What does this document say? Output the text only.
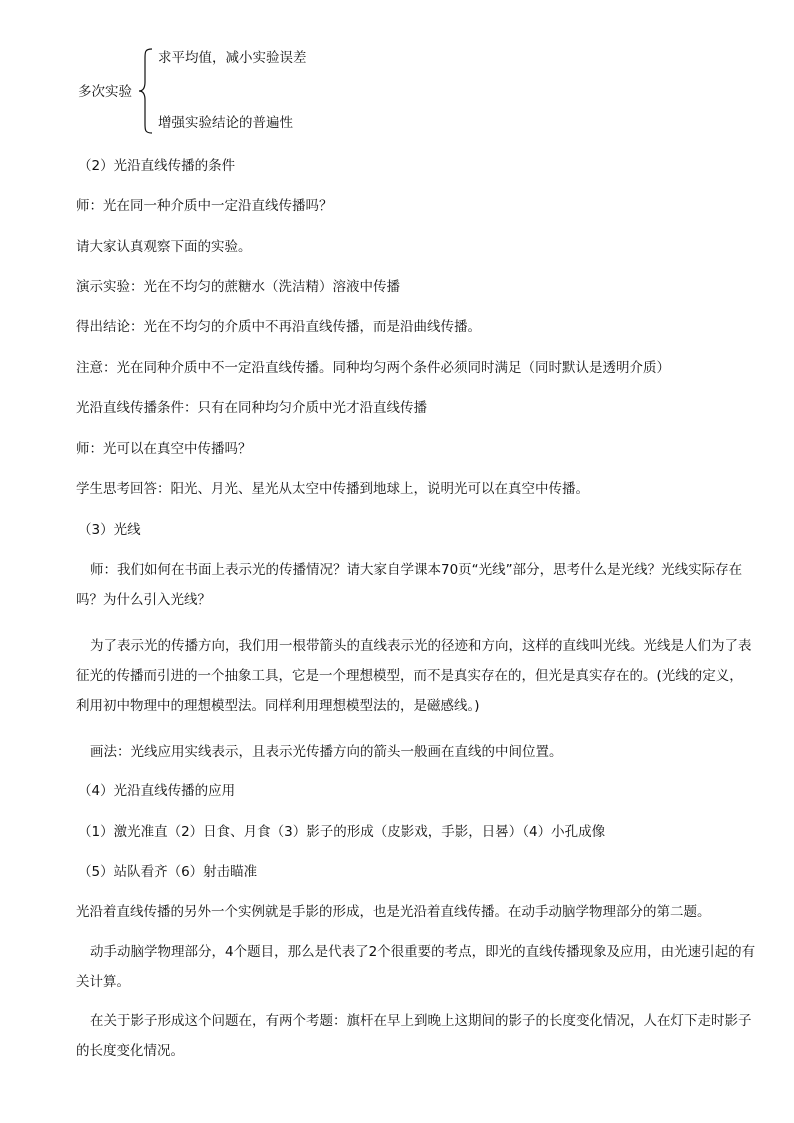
多次实验
求平均值，减小实验误差
增强实验结论的普遍性

（2）光沿直线传播的条件

师：光在同一种介质中一定沿直线传播吗？

请大家认真观察下面的实验。

演示实验：光在不均匀的蔗糖水（洗洁精）溶液中传播

得出结论：光在不均匀的介质中不再沿直线传播，而是沿曲线传播。

注意：光在同种介质中不一定沿直线传播。同种均匀两个条件必须同时满足（同时默认是透明介质）

光沿直线传播条件：只有在同种均匀介质中光才沿直线传播

师：光可以在真空中传播吗？

学生思考回答：阳光、月光、星光从太空中传播到地球上，说明光可以在真空中传播。

（3）光线

师：我们如何在书面上表示光的传播情况？请大家自学课本70页“光线”部分，思考什么是光线？光线实际存在吗？为什么引入光线？

为了表示光的传播方向，我们用一根带箭头的直线表示光的径迹和方向，这样的直线叫光线。光线是人们为了表征光的传播而引进的一个抽象工具，它是一个理想模型，而不是真实存在的，但光是真实存在的。(光线的定义，利用初中物理中的理想模型法。同样利用理想模型法的，是磁感线。)

画法：光线应用实线表示，且表示光传播方向的箭头一般画在直线的中间位置。

（4）光沿直线传播的应用

（1）激光准直（2）日食、月食（3）影子的形成（皮影戏，手影，日晷）（4）小孔成像

（5）站队看齐（6）射击瞄准

光沿着直线传播的另外一个实例就是手影的形成，也是光沿着直线传播。在动手动脑学物理部分的第二题。

动手动脑学物理部分，4个题目，那么是代表了2个很重要的考点，即光的直线传播现象及应用，由光速引起的有关计算。

在关于影子形成这个问题在，有两个考题：旗杆在早上到晚上这期间的影子的长度变化情况，人在灯下走时影子的长度变化情况。
